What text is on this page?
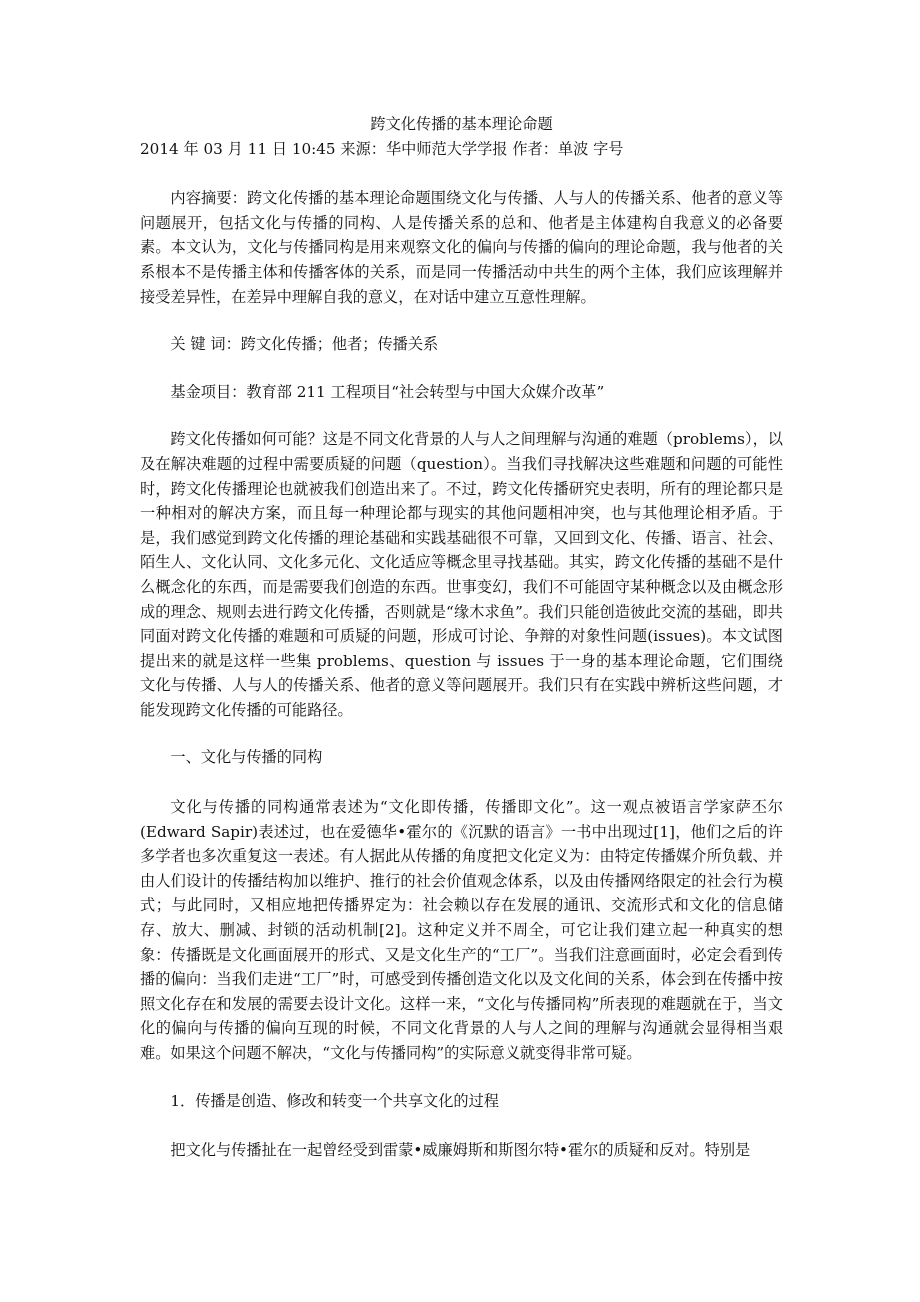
跨文化传播的基本理论命题
2014 年 03 月 11 日 10:45 来源：华中师范大学学报 作者：单波 字号

内容摘要：跨文化传播的基本理论命题围绕文化与传播、人与人的传播关系、他者的意义等问题展开，包括文化与传播的同构、人是传播关系的总和、他者是主体建构自我意义的必备要素。本文认为，文化与传播同构是用来观察文化的偏向与传播的偏向的理论命题，我与他者的关系根本不是传播主体和传播客体的关系，而是同一传播活动中共生的两个主体，我们应该理解并接受差异性，在差异中理解自我的意义，在对话中建立互意性理解。

关 键 词：跨文化传播；他者；传播关系

基金项目：教育部 211 工程项目“社会转型与中国大众媒介改革”

跨文化传播如何可能？这是不同文化背景的人与人之间理解与沟通的难题（problems），以及在解决难题的过程中需要质疑的问题（question）。当我们寻找解决这些难题和问题的可能性时，跨文化传播理论也就被我们创造出来了。不过，跨文化传播研究史表明，所有的理论都只是一种相对的解决方案，而且每一种理论都与现实的其他问题相冲突，也与其他理论相矛盾。于是，我们感觉到跨文化传播的理论基础和实践基础很不可靠，又回到文化、传播、语言、社会、陌生人、文化认同、文化多元化、文化适应等概念里寻找基础。其实，跨文化传播的基础不是什么概念化的东西，而是需要我们创造的东西。世事变幻，我们不可能固守某种概念以及由概念形成的理念、规则去进行跨文化传播，否则就是“缘木求鱼”。我们只能创造彼此交流的基础，即共同面对跨文化传播的难题和可质疑的问题，形成可讨论、争辩的对象性问题(issues)。本文试图提出来的就是这样一些集 problems、question 与 issues 于一身的基本理论命题，它们围绕文化与传播、人与人的传播关系、他者的意义等问题展开。我们只有在实践中辨析这些问题，才能发现跨文化传播的可能路径。

一、文化与传播的同构

文化与传播的同构通常表述为“文化即传播，传播即文化”。这一观点被语言学家萨丕尔(Edward Sapir)表述过，也在爱德华•霍尔的《沉默的语言》一书中出现过[1]，他们之后的许多学者也多次重复这一表述。有人据此从传播的角度把文化定义为：由特定传播媒介所负载、并由人们设计的传播结构加以维护、推行的社会价值观念体系，以及由传播网络限定的社会行为模式；与此同时，又相应地把传播界定为：社会赖以存在发展的通讯、交流形式和文化的信息储存、放大、删减、封锁的活动机制[2]。这种定义并不周全，可它让我们建立起一种真实的想象：传播既是文化画面展开的形式、又是文化生产的“工厂”。当我们注意画面时，必定会看到传播的偏向：当我们走进“工厂”时，可感受到传播创造文化以及文化间的关系，体会到在传播中按照文化存在和发展的需要去设计文化。这样一来，“文化与传播同构”所表现的难题就在于，当文化的偏向与传播的偏向互现的时候，不同文化背景的人与人之间的理解与沟通就会显得相当艰难。如果这个问题不解决，“文化与传播同构”的实际意义就变得非常可疑。

1．传播是创造、修改和转变一个共享文化的过程

把文化与传播扯在一起曾经受到雷蒙•威廉姆斯和斯图尔特•霍尔的质疑和反对。特别是
